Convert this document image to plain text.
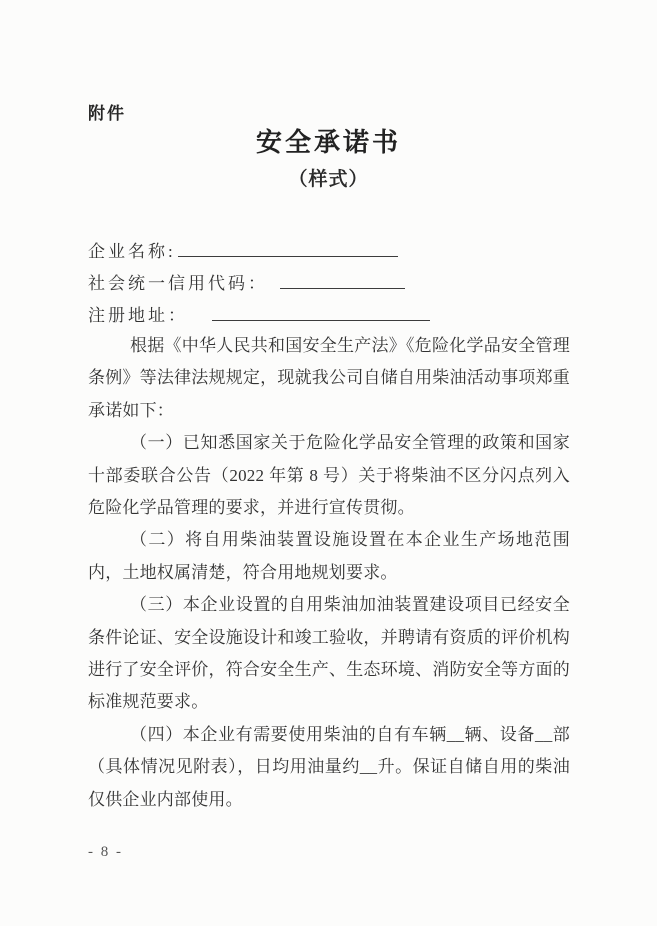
附件
安全承诺书
（样式）
企业名称:
社会统一信用代码：
注册地址：

根据《中华人民共和国安全生产法》《危险化学品安全管理条例》等法律法规规定，现就我公司自储自用柴油活动事项郑重承诺如下：

（一）已知悉国家关于危险化学品安全管理的政策和国家十部委联合公告（2022 年第 8 号）关于将柴油不区分闪点列入危险化学品管理的要求，并进行宣传贯彻。

（二）将自用柴油装置设施设置在本企业生产场地范围内，土地权属清楚，符合用地规划要求。

（三）本企业设置的自用柴油加油装置建设项目已经安全条件论证、安全设施设计和竣工验收，并聘请有资质的评价机构进行了安全评价，符合安全生产、生态环境、消防安全等方面的标准规范要求。

（四）本企业有需要使用柴油的自有车辆__辆、设备__部（具体情况见附表），日均用油量约__升。保证自储自用的柴油仅供企业内部使用。

- 8 -
